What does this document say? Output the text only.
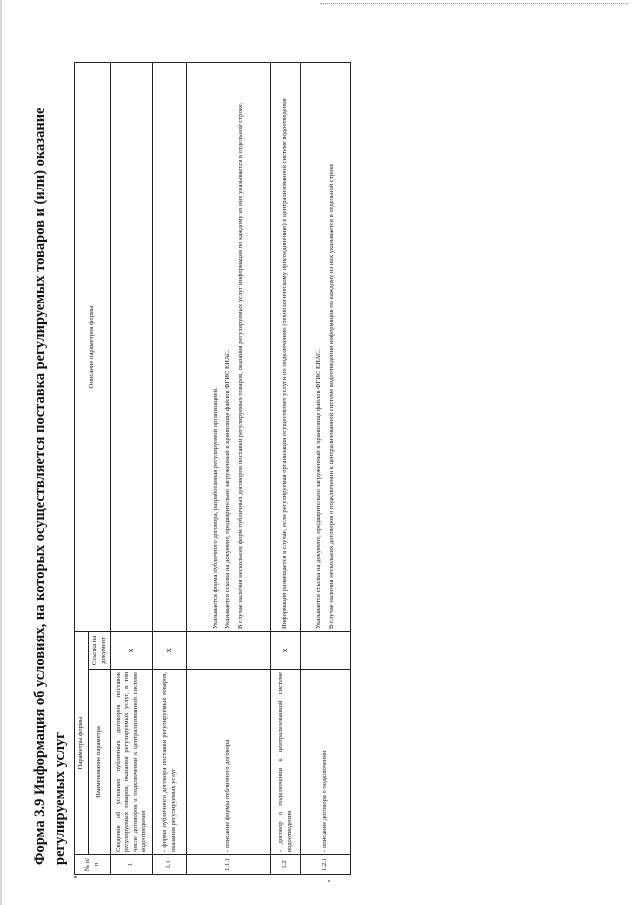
Форма 3.9 Информация об условиях, на которых осуществляется поставка регулируемых товаров и (или) оказание регулируемых услуг	№ п/п	Параметры формы		Описание параметров формы
	Наименование параметра	Ссылка на документ	
1	Сведения об условиях публичных договоров поставок регулируемых товаров, оказания регулируемых услуг, в том числе договоров о подключении к централизованной системе водоотведения	x	
1.1	- форма публичного договора поставки регулируемых товаров, оказания регулируемых услуг	x	
1.1.1	- описание формы публичного договора		Указывается форма публичного договора, разработанная регулируемой организацией. Указывается ссылка на документ, предварительно загруженный в хранилище файлов ФГИС ЕИАС. В случае наличия нескольких форм публичных договоров поставки регулируемых товаров, оказания регулируемых услуг информация по каждому из них указывается в отдельной строке.

1.2	- договор о подключении к централизованной системе водоотведения	x	Информация размещается в случае, если регулируемая организация осуществляет услуги по подключению (технологическому присоединению) к централизованной системе водоотведения

1.2.1	- описание договора о подключении		Указывается ссылка на документ, предварительно загруженный в хранилище файлов ФГИС ЕИАС. В случае наличия нескольких договоров о подключении к централизованной системе водоотведения информация по каждому из них указывается в отдельной строке
